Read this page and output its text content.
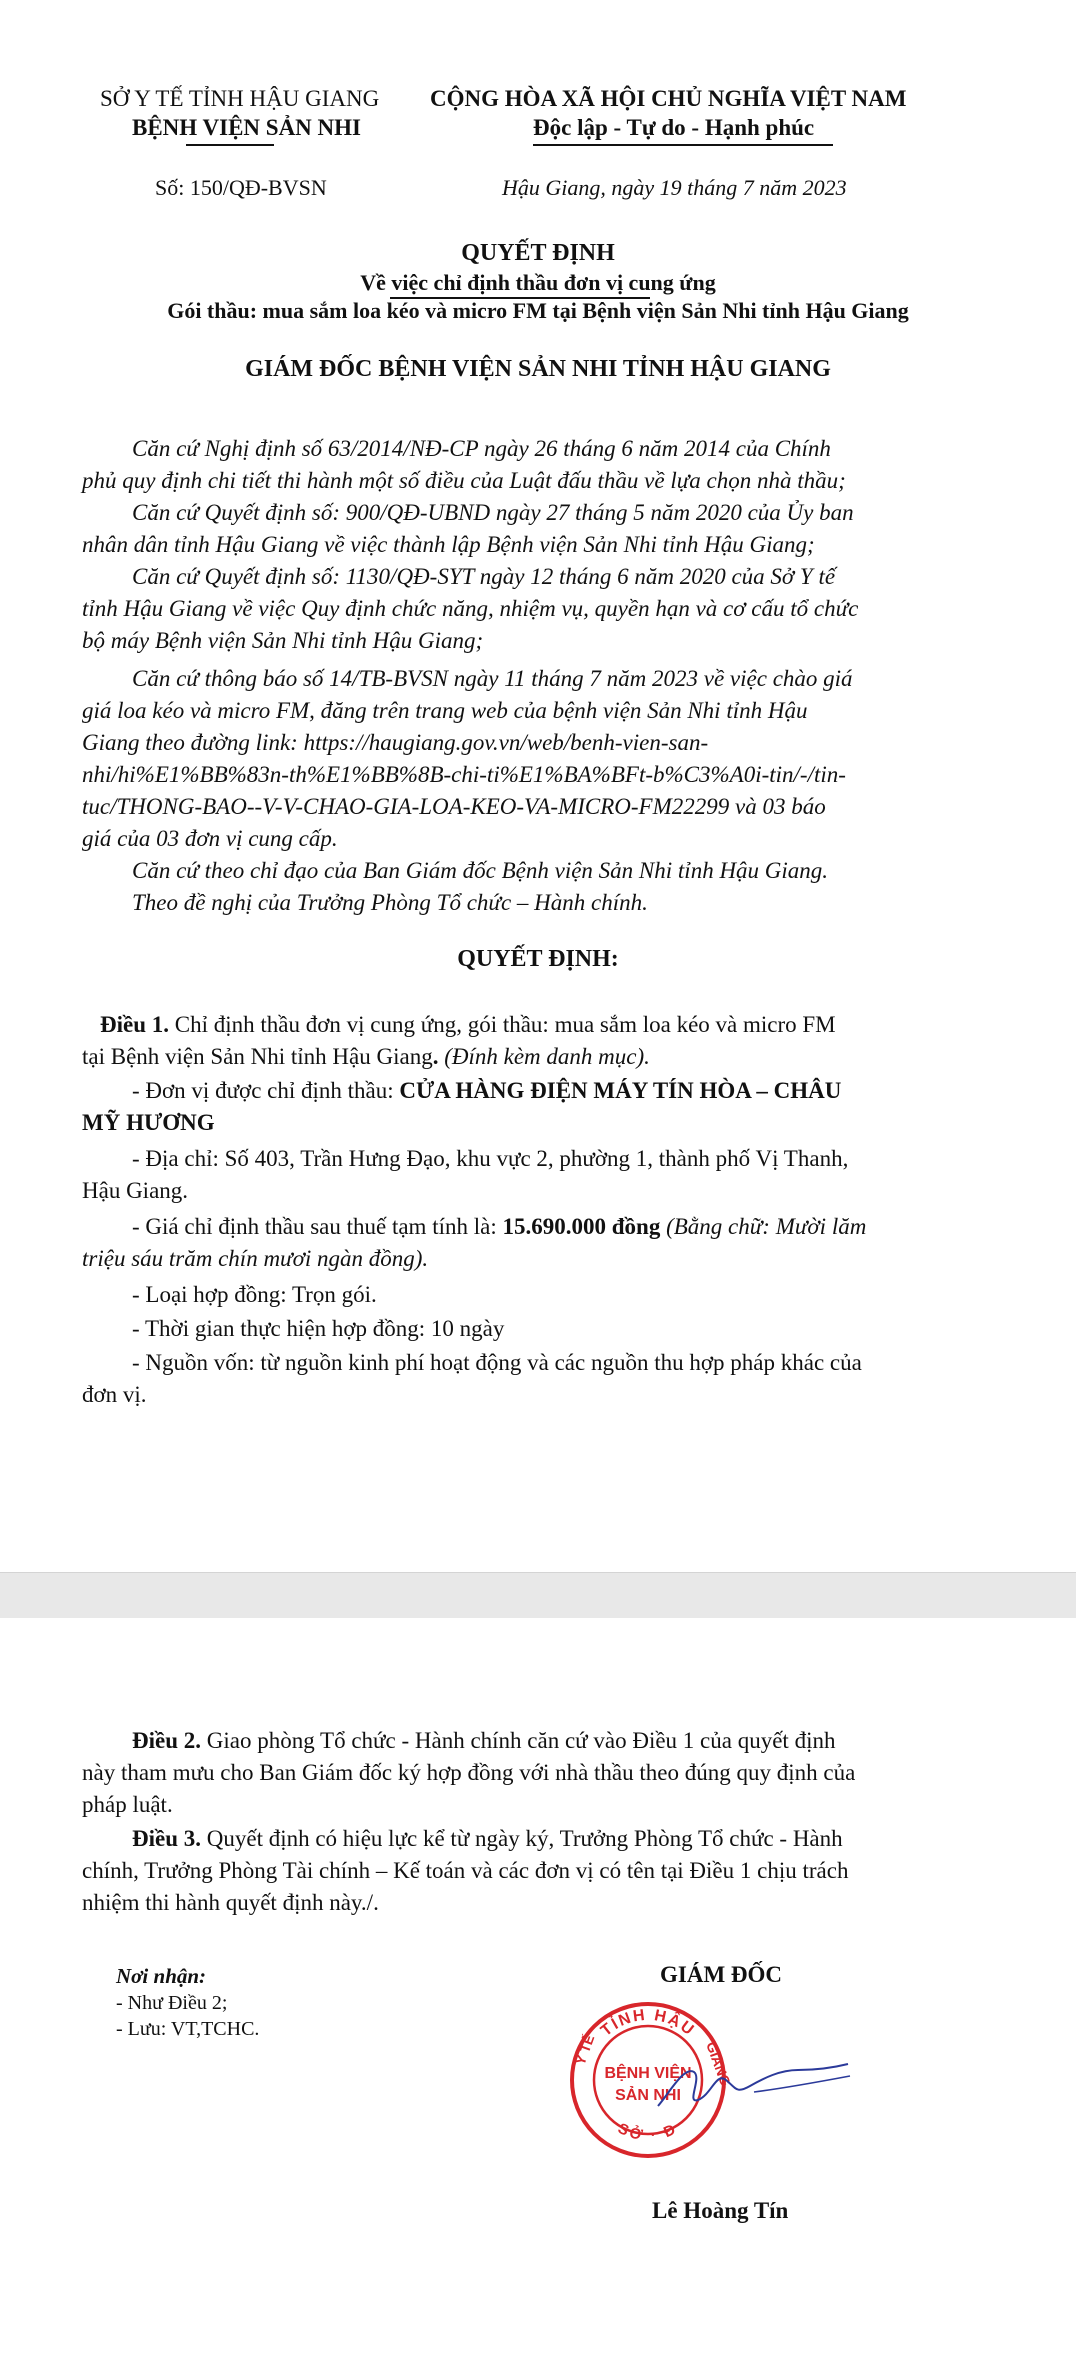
SỞ Y TẾ TỈNH HẬU GIANG
BỆNH VIỆN SẢN NHI
CỘNG HÒA XÃ HỘI CHỦ NGHĨA VIỆT NAM
Độc lập - Tự do - Hạnh phúc
Số: 150/QĐ-BVSN	Hậu Giang, ngày 19 tháng 7 năm 2023
QUYẾT ĐỊNH
Về việc chỉ định thầu đơn vị cung ứng
Gói thầu: mua sắm loa kéo và micro FM tại Bệnh viện Sản Nhi tỉnh Hậu Giang
GIÁM ĐỐC BỆNH VIỆN SẢN NHI TỈNH HẬU GIANG
Căn cứ Nghị định số 63/2014/NĐ-CP ngày 26 tháng 6 năm 2014 của Chính
phủ quy định chi tiết thi hành một số điều của Luật đấu thầu về lựa chọn nhà thầu;
Căn cứ Quyết định số: 900/QĐ-UBND ngày 27 tháng 5 năm 2020 của Ủy ban
nhân dân tỉnh Hậu Giang về việc thành lập Bệnh viện Sản Nhi tỉnh Hậu Giang;
Căn cứ Quyết định số: 1130/QĐ-SYT ngày 12 tháng 6 năm 2020 của Sở Y tế
tỉnh Hậu Giang về việc Quy định chức năng, nhiệm vụ, quyền hạn và cơ cấu tổ chức
bộ máy Bệnh viện Sản Nhi tỉnh Hậu Giang;
Căn cứ thông báo số 14/TB-BVSN ngày 11 tháng 7 năm 2023 về việc chào giá
giá loa kéo và micro FM, đăng trên trang web của bệnh viện Sản Nhi tỉnh Hậu
Giang theo đường link: https://haugiang.gov.vn/web/benh-vien-san-
nhi/hi%E1%BB%83n-th%E1%BB%8B-chi-ti%E1%BA%BFt-b%C3%A0i-tin/-/tin-
tuc/THONG-BAO--V-V-CHAO-GIA-LOA-KEO-VA-MICRO-FM22299 và 03 báo
giá của 03 đơn vị cung cấp.
Căn cứ theo chỉ đạo của Ban Giám đốc Bệnh viện Sản Nhi tỉnh Hậu Giang.
Theo đề nghị của Trưởng Phòng Tổ chức – Hành chính.
QUYẾT ĐỊNH:
Điều 1. Chỉ định thầu đơn vị cung ứng, gói thầu: mua sắm loa kéo và micro FM
tại Bệnh viện Sản Nhi tỉnh Hậu Giang. (Đính kèm danh mục).
- Đơn vị được chỉ định thầu: CỬA HÀNG ĐIỆN MÁY TÍN HÒA – CHÂU
MỸ HƯƠNG
- Địa chỉ: Số 403, Trần Hưng Đạo, khu vực 2, phường 1, thành phố Vị Thanh,
Hậu Giang.
- Giá chỉ định thầu sau thuế tạm tính là: 15.690.000 đồng (Bằng chữ: Mười lăm
triệu sáu trăm chín mươi ngàn đồng).
- Loại hợp đồng: Trọn gói.
- Thời gian thực hiện hợp đồng: 10 ngày
- Nguồn vốn: từ nguồn kinh phí hoạt động và các nguồn thu hợp pháp khác của
đơn vị.
Điều 2. Giao phòng Tổ chức - Hành chính căn cứ vào Điều 1 của quyết định
này tham mưu cho Ban Giám đốc ký hợp đồng với nhà thầu theo đúng quy định của
pháp luật.
Điều 3. Quyết định có hiệu lực kể từ ngày ký, Trưởng Phòng Tổ chức - Hành
chính, Trưởng Phòng Tài chính – Kế toán và các đơn vị có tên tại Điều 1 chịu trách
nhiệm thi hành quyết định này./.
Nơi nhận:
- Như Điều 2;
- Lưu: VT,TCHC.
GIÁM ĐỐC
TỈNH HẬU
SỞ · Đ
Y TẾ	GIANG
BỆNH VIỆN
SẢN NHI
Lê Hoàng Tín
